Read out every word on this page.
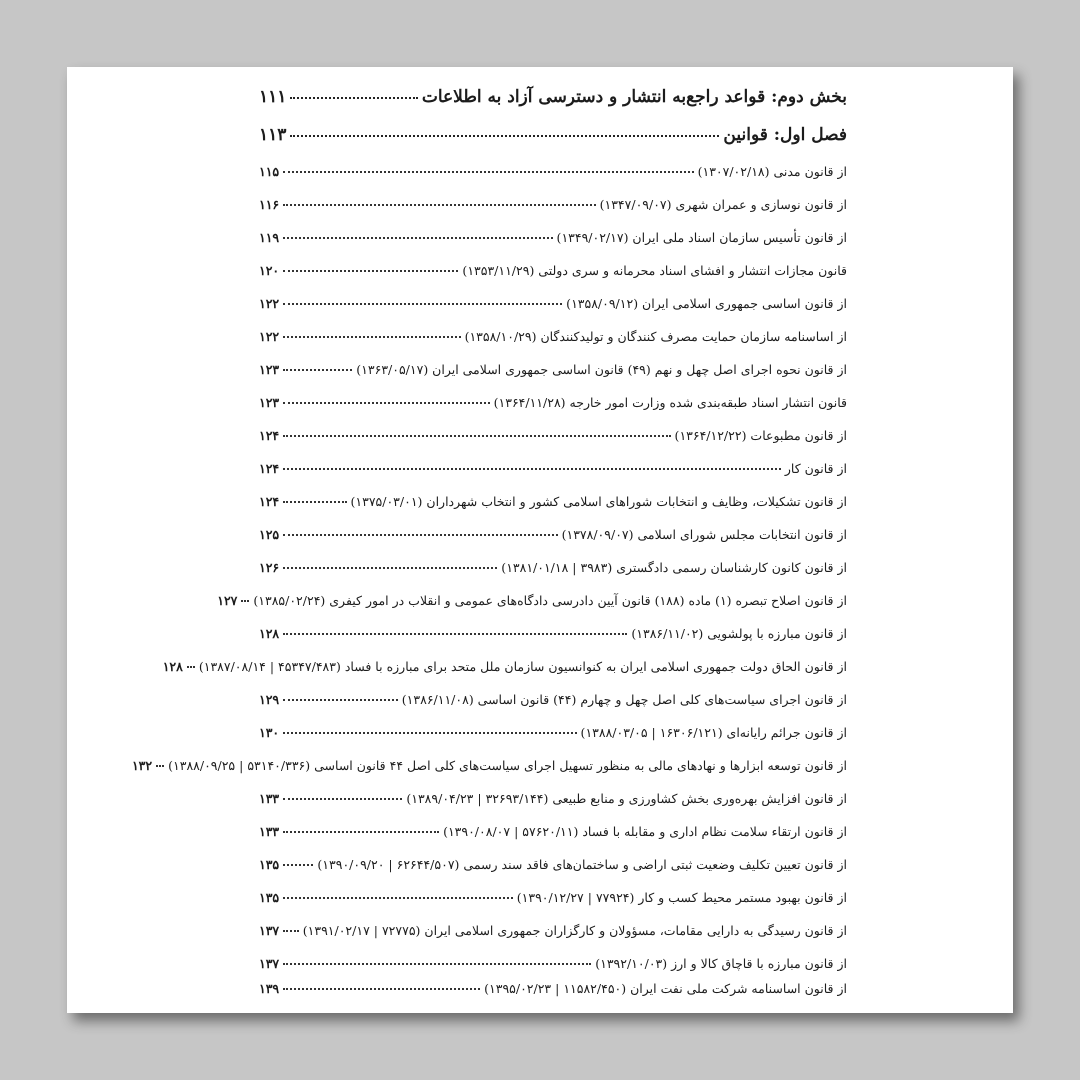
بخش دوم: قواعد راجع‌به انتشار و دسترسی آزاد به اطلاعات
۱۱۱
فصل اول: قوانین
۱۱۳
از قانون مدنی (۱۳۰۷/۰۲/۱۸)
۱۱۵
از قانون نوسازی و عمران شهری (۱۳۴۷/۰۹/۰۷)
۱۱۶
از قانون تأسیس سازمان اسناد ملی ایران (۱۳۴۹/۰۲/۱۷)
۱۱۹
قانون مجازات انتشار و افشای اسناد محرمانه و سری دولتی (۱۳۵۳/۱۱/۲۹)
۱۲۰
از قانون اساسی جمهوری اسلامی ایران (۱۳۵۸/۰۹/۱۲)
۱۲۲
از اساسنامه سازمان حمایت مصرف کنندگان و تولیدکنندگان (۱۳۵۸/۱۰/۲۹)
۱۲۲
از قانون نحوه اجرای اصل چهل و نهم (۴۹) قانون اساسی جمهوری اسلامی ایران (۱۳۶۳/۰۵/۱۷)
۱۲۳
قانون انتشار اسناد طبقه‌بندی شده وزارت امور خارجه (۱۳۶۴/۱۱/۲۸)
۱۲۳
از قانون مطبوعات (۱۳۶۴/۱۲/۲۲)
۱۲۴
از قانون کار
۱۲۴
از قانون تشکیلات، وظایف و انتخابات شوراهای اسلامی کشور و انتخاب شهرداران (۱۳۷۵/۰۳/۰۱)
۱۲۴
از قانون انتخابات مجلس شورای اسلامی (۱۳۷۸/۰۹/۰۷)
۱۲۵
از قانون کانون کارشناسان رسمی دادگستری (۳۹۸۳ | ۱۳۸۱/۰۱/۱۸)
۱۲۶
از قانون اصلاح تبصره (۱) ماده (۱۸۸) قانون آیین دادرسی دادگاه‌های عمومی و انقلاب در امور کیفری (۱۳۸۵/۰۲/۲۴)
۱۲۷
از قانون مبارزه با پولشویی (۱۳۸۶/۱۱/۰۲)
۱۲۸
از قانون الحاق دولت جمهوری اسلامی ایران به کنوانسیون سازمان ملل متحد برای مبارزه با فساد (۴۵۳۴۷/۴۸۳ | ۱۳۸۷/۰۸/۱۴)
۱۲۸
از قانون اجرای سیاست‌های کلی اصل چهل و چهارم (۴۴) قانون اساسی (۱۳۸۶/۱۱/۰۸)
۱۲۹
از قانون جرائم رایانه‌ای (۱۶۳۰۶/۱۲۱ | ۱۳۸۸/۰۳/۰۵)
۱۳۰
از قانون توسعه ابزارها و نهادهای مالی به منظور تسهیل اجرای سیاست‌های کلی اصل ۴۴ قانون اساسی (۵۳۱۴۰/۳۳۶ | ۱۳۸۸/۰۹/۲۵)
۱۳۲
از قانون افزایش بهره‌وری بخش کشاورزی و منابع طبیعی (۳۲۶۹۳/۱۴۴ | ۱۳۸۹/۰۴/۲۳)
۱۳۳
از قانون ارتقاء سلامت نظام اداری و مقابله با فساد (۵۷۶۲۰/۱۱ | ۱۳۹۰/۰۸/۰۷)
۱۳۳
از قانون تعیین تکلیف وضعیت ثبتی اراضی و ساختمان‌های فاقد سند رسمی (۶۲۶۴۴/۵۰۷ | ۱۳۹۰/۰۹/۲۰)
۱۳۵
از قانون بهبود مستمر محیط کسب و کار (۷۷۹۲۴ | ۱۳۹۰/۱۲/۲۷)
۱۳۵
از قانون رسیدگی به دارایی مقامات، مسؤولان و کارگزاران جمهوری اسلامی ایران (۷۲۷۷۵ | ۱۳۹۱/۰۲/۱۷)
۱۳۷
از قانون مبارزه با قاچاق کالا و ارز (۱۳۹۲/۱۰/۰۳)
۱۳۷
از قانون اساسنامه شرکت ملی نفت ایران (۱۱۵۸۲/۴۵۰ | ۱۳۹۵/۰۲/۲۳)
۱۳۹
